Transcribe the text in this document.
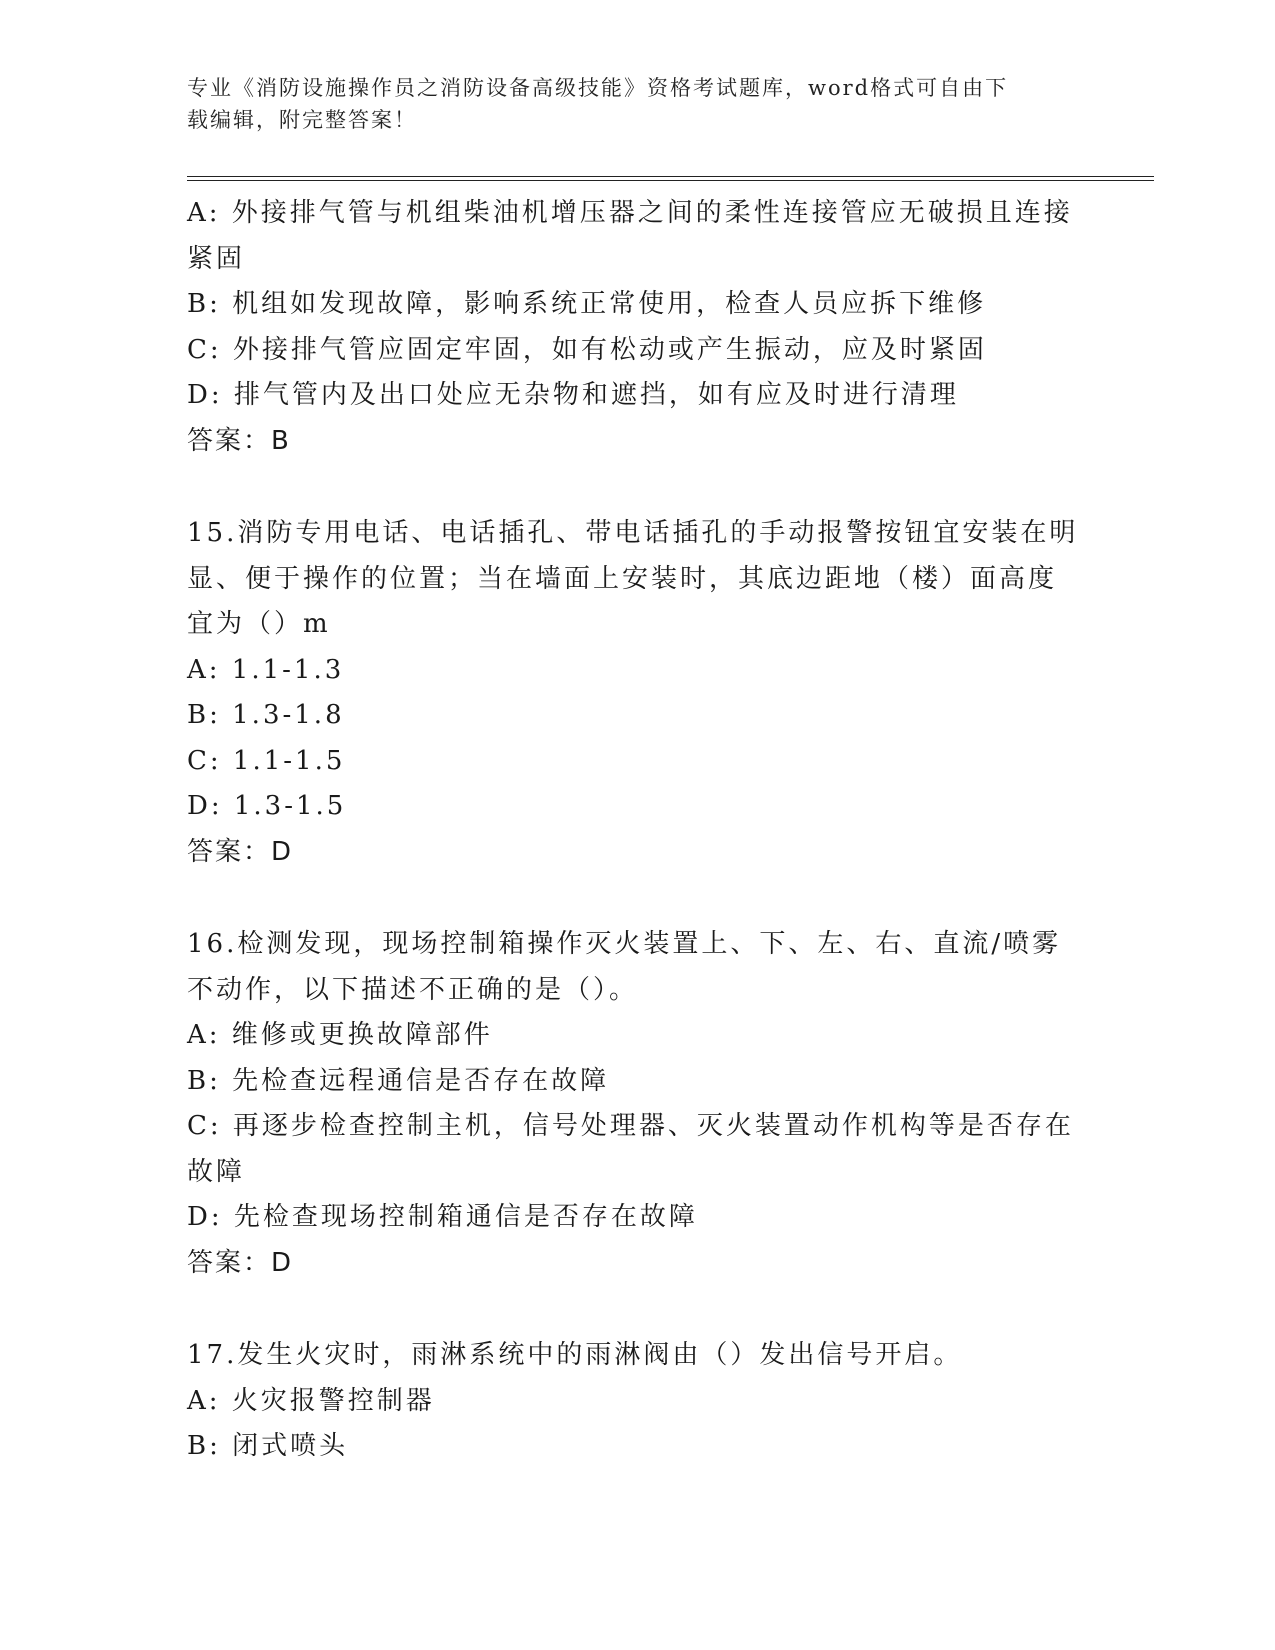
专业《消防设施操作员之消防设备高级技能》资格考试题库，word格式可自由下
载编辑，附完整答案！
A: 外接排气管与机组柴油机增压器之间的柔性连接管应无破损且连接
紧固
B: 机组如发现故障，影响系统正常使用，检查人员应拆下维修
C: 外接排气管应固定牢固，如有松动或产生振动，应及时紧固
D: 排气管内及出口处应无杂物和遮挡，如有应及时进行清理
答案：B
15.消防专用电话、电话插孔、带电话插孔的手动报警按钮宜安装在明
显、便于操作的位置；当在墙面上安装时，其底边距地（楼）面高度
宜为（）m
A: 1.1-1.3
B: 1.3-1.8
C: 1.1-1.5
D: 1.3-1.5
答案：D
16.检测发现，现场控制箱操作灭火装置上、下、左、右、直流/喷雾
不动作，以下描述不正确的是（）。
A: 维修或更换故障部件
B: 先检查远程通信是否存在故障
C: 再逐步检查控制主机，信号处理器、灭火装置动作机构等是否存在
故障
D: 先检查现场控制箱通信是否存在故障
答案：D
17.发生火灾时，雨淋系统中的雨淋阀由（）发出信号开启。
A: 火灾报警控制器
B: 闭式喷头
